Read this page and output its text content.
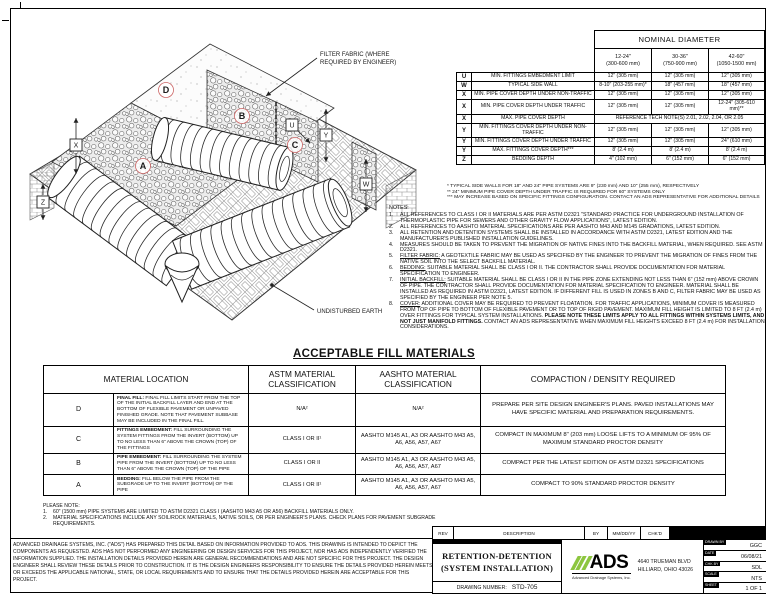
D
B
C
A
X
Z
U
Y
W
FILTER FABRIC (WHERE
REQUIRED BY ENGINEER)
UNDISTURBED EARTH
		NOMINAL DIAMETER		

12-24"
(300-600 mm)

30-36"
(750-900 mm)

42-60"
(1050-1500 mm)

U	MIN. FITTINGS EMBEDMENT LIMIT	12" (305 mm)	12" (305 mm)	12" (305 mm)
W	TYPICAL SIDE WALL	8-10" (203-255 mm)*	18" (457 mm)	18" (457 mm)
X	MIN. PIPE COVER DEPTH UNDER NON-TRAFFIC	12" (305 mm)	12" (305 mm)	12" (305 mm)
X	MIN. PIPE COVER DEPTH UNDER TRAFFIC	12" (305 mm)	12" (305 mm)	12-24" (305-610 mm)**
X	MAX. PIPE COVER DEPTH	REFERENCE TECH NOTE(S) 2.01, 2.02, 2.04, OR 2.05		
Y	MIN. FITTINGS COVER DEPTH UNDER NON-TRAFFIC	12" (305 mm)	12" (305 mm)	12" (305 mm)
Y	MIN. FITTINGS COVER DEPTH UNDER TRAFFIC	12" (305 mm)	12" (305 mm)	24" (610 mm)
Y	MAX. FITTINGS COVER DEPTH***	8' (2.4 m)	8' (2.4 m)	8' (2.4 m)
Z	BEDDING DEPTH	4" (102 mm)	6" (152 mm)	6" (152 mm)
* TYPICAL SIDE WALLS FOR 18" AND 24" PIPE SYSTEMS ARE 9" (230 mm) AND 10" (255 mm), RESPECTIVELY
** 24" MINIMUM PIPE COVER DEPTH UNDER TRAFFIC IS REQUIRED FOR 60" SYSTEMS ONLY
*** MAY INCREASE BASED ON SPECIFIC FITTINGS CONFIGURATION. CONTACT AN ADS REPRESENTATIVE FOR ADDITIONAL DETAILS
NOTES:
1.	ALL REFERENCES TO CLASS I OR II MATERIALS ARE PER ASTM D2321 "STANDARD PRACTICE FOR UNDERGROUND INSTALLATION OF THERMOPLASTIC PIPE FOR SEWERS AND OTHER GRAVITY FLOW APPLICATIONS", LATEST EDITION.
2.	ALL REFERENCES TO AASHTO MATERIAL SPECIFICATIONS ARE PER AASHTO M43 AND M145 GRADATIONS, LATEST EDITION.
3.	ALL RETENTION AND DETENTION SYSTEMS SHALL BE INSTALLED IN ACCORDANCE WITH ASTM D2321, LATEST EDITION AND THE MANUFACTURER'S PUBLISHED INSTALLATION GUIDELINES.
4.	MEASURES SHOULD BE TAKEN TO PREVENT THE MIGRATION OF NATIVE FINES INTO THE BACKFILL MATERIAL, WHEN REQUIRED. SEE ASTM D2321.
5.	FILTER FABRIC: A GEOTEXTILE FABRIC MAY BE USED AS SPECIFIED BY THE ENGINEER TO PREVENT THE MIGRATION OF FINES FROM THE NATIVE SOIL INTO THE SELECT BACKFILL MATERIAL.
6.	BEDDING: SUITABLE MATERIAL SHALL BE CLASS I OR II. THE CONTRACTOR SHALL PROVIDE DOCUMENTATION FOR MATERIAL SPECIFICATION TO ENGINEER.
7.	INITIAL BACKFILL: SUITABLE MATERIAL SHALL BE CLASS I OR II IN THE PIPE ZONE EXTENDING NOT LESS THAN 6" (152 mm) ABOVE CROWN OF PIPE. THE CONTRACTOR SHALL PROVIDE DOCUMENTATION FOR MATERIAL SPECIFICATION TO ENGINEER. MATERIAL SHALL BE INSTALLED AS REQUIRED IN ASTM D2321, LATEST EDITION. IF DIFFERENT FILL IS USED IN ZONES B AND C, FILTER FABRIC MAY BE USED AS SPECIFIED BY THE ENGINEER PER NOTE 5.
8.	COVER: ADDITIONAL COVER MAY BE REQUIRED TO PREVENT FLOATATION. FOR TRAFFIC APPLICATIONS, MINIMUM COVER IS MEASURED FROM TOP OF PIPE TO BOTTOM OF FLEXIBLE PAVEMENT OR TO TOP OF RIGID PAVEMENT. MAXIMUM FILL HEIGHT IS LIMITED TO 8 FT (2.4 m) OVER FITTINGS FOR TYPICAL SYSTEM INSTALLATIONS. PLEASE NOTE THESE LIMITS APPLY TO ALL FITTINGS WITHIN SYSTEMS LIMITS, AND NOT JUST MANIFOLD FITTINGS. CONTACT AN ADS REPRESENTATIVE WHEN MAXIMUM FILL HEIGHTS EXCEED 8 FT (2.4 m) FOR INSTALLATION CONSIDERATIONS.
ACCEPTABLE FILL MATERIALS
MATERIAL LOCATION		ASTM MATERIAL CLASSIFICATION	AASHTO MATERIAL CLASSIFICATION	COMPACTION / DENSITY REQUIRED
D	FINAL FILL: FINAL FILL LIMITS START FROM THE TOP OF THE INITIAL BACKFILL LAYER AND END AT THE BOTTOM OF FLEXIBLE PAVEMENT OR UNPAVED FINISHED GRADE. NOTE THAT PAVEMENT SUBBASE MAY BE INCLUDED IN THE FINAL FILL.	N/A²	N/A²	PREPARE PER SITE DESIGN ENGINEER'S PLANS. PAVED INSTALLATIONS MAY HAVE SPECIFIC MATERIAL AND PREPARATION REQUIREMENTS.
C	FITTINGS EMBEDMENT: FILL SURROUNDING THE SYSTEM FITTINGS FROM THE INVERT (BOTTOM) UP TO NO LESS THAN 6" ABOVE THE CROWN (TOP) OF THE FITTINGS	CLASS I OR II¹	AASHTO M145 A1, A3 OR AASHTO M43 A5, A6, A56, A57, A67	COMPACT IN MAXIMUM 8" (203 mm) LOOSE LIFTS TO A MINIMUM OF 95% OF MAXIMUM STANDARD PROCTOR DENSITY
B	PIPE EMBEDMENT: FILL SURROUNDING THE SYSTEM PIPE FROM THE INVERT (BOTTOM) UP TO NO LESS THAN 6" ABOVE THE CROWN (TOP) OF THE PIPE	CLASS I OR II	AASHTO M145 A1, A3 OR AASHTO M43 A5, A6, A56, A57, A67	COMPACT PER THE LATEST EDITION OF ASTM D2321 SPECIFICATIONS
A	BEDDING: FILL BELOW THE PIPE FROM THE SUBGRADE UP TO THE INVERT (BOTTOM) OF THE PIPE	CLASS I OR II¹	AASHTO M145 A1, A3 OR AASHTO M43 A5, A6, A56, A57, A67	COMPACT TO 90% STANDARD PROCTOR DENSITY
PLEASE NOTE:
1.	60" (1500 mm) PIPE SYSTEMS ARE LIMITED TO ASTM D2321 CLASS I (AASHTO M43 A5 OR A56) BACKFILL MATERIALS ONLY.
2.	MATERIAL SPECIFICATIONS INCLUDE ANY SOIL/ROCK MATERIALS, NATIVE SOILS, OR PER ENGINEER'S PLANS. CHECK PLANS FOR PAVEMENT SUBGRADE REQUIREMENTS.
ADVANCED DRAINAGE SYSTEMS, INC. ("ADS") HAS PREPARED THIS DETAIL BASED ON INFORMATION PROVIDED TO ADS. THIS DRAWING IS INTENDED TO DEPICT THE COMPONENTS AS REQUESTED. ADS HAS NOT PERFORMED ANY ENGINEERING OR DESIGN SERVICES FOR THIS PROJECT, NOR HAS ADS INDEPENDENTLY VERIFIED THE INFORMATION SUPPLIED. THE INSTALLATION DETAILS PROVIDED HEREIN ARE GENERAL RECOMMENDATIONS AND ARE NOT SPECIFIC FOR THIS PROJECT. THE DESIGN ENGINEER SHALL REVIEW THESE DETAILS PRIOR TO CONSTRUCTION. IT IS THE DESIGN ENGINEERS RESPONSIBILITY TO ENSURE THE DETAILS PROVIDED HEREIN MEETS OR EXCEEDS THE APPLICABLE NATIONAL, STATE, OR LOCAL REQUIREMENTS AND TO ENSURE THAT THE DETAILS PROVIDED HEREIN ARE ACCEPTABLE FOR THIS PROJECT.
REV	DESCRIPTION	BY	MM/DD/YY	CHK'D
RETENTION-DETENTION
(SYSTEM INSTALLATION)
DRAWING NUMBER: STD-705
ADS
Advanced Drainage Systems, Inc.
4640 TRUEMAN BLVD
HILLIARD, OHIO 43026
DRAWN BY
GGC
DATE
06/08/21
CHK BY
SDL
SCALE
NTS
SHEET
1 OF 1
